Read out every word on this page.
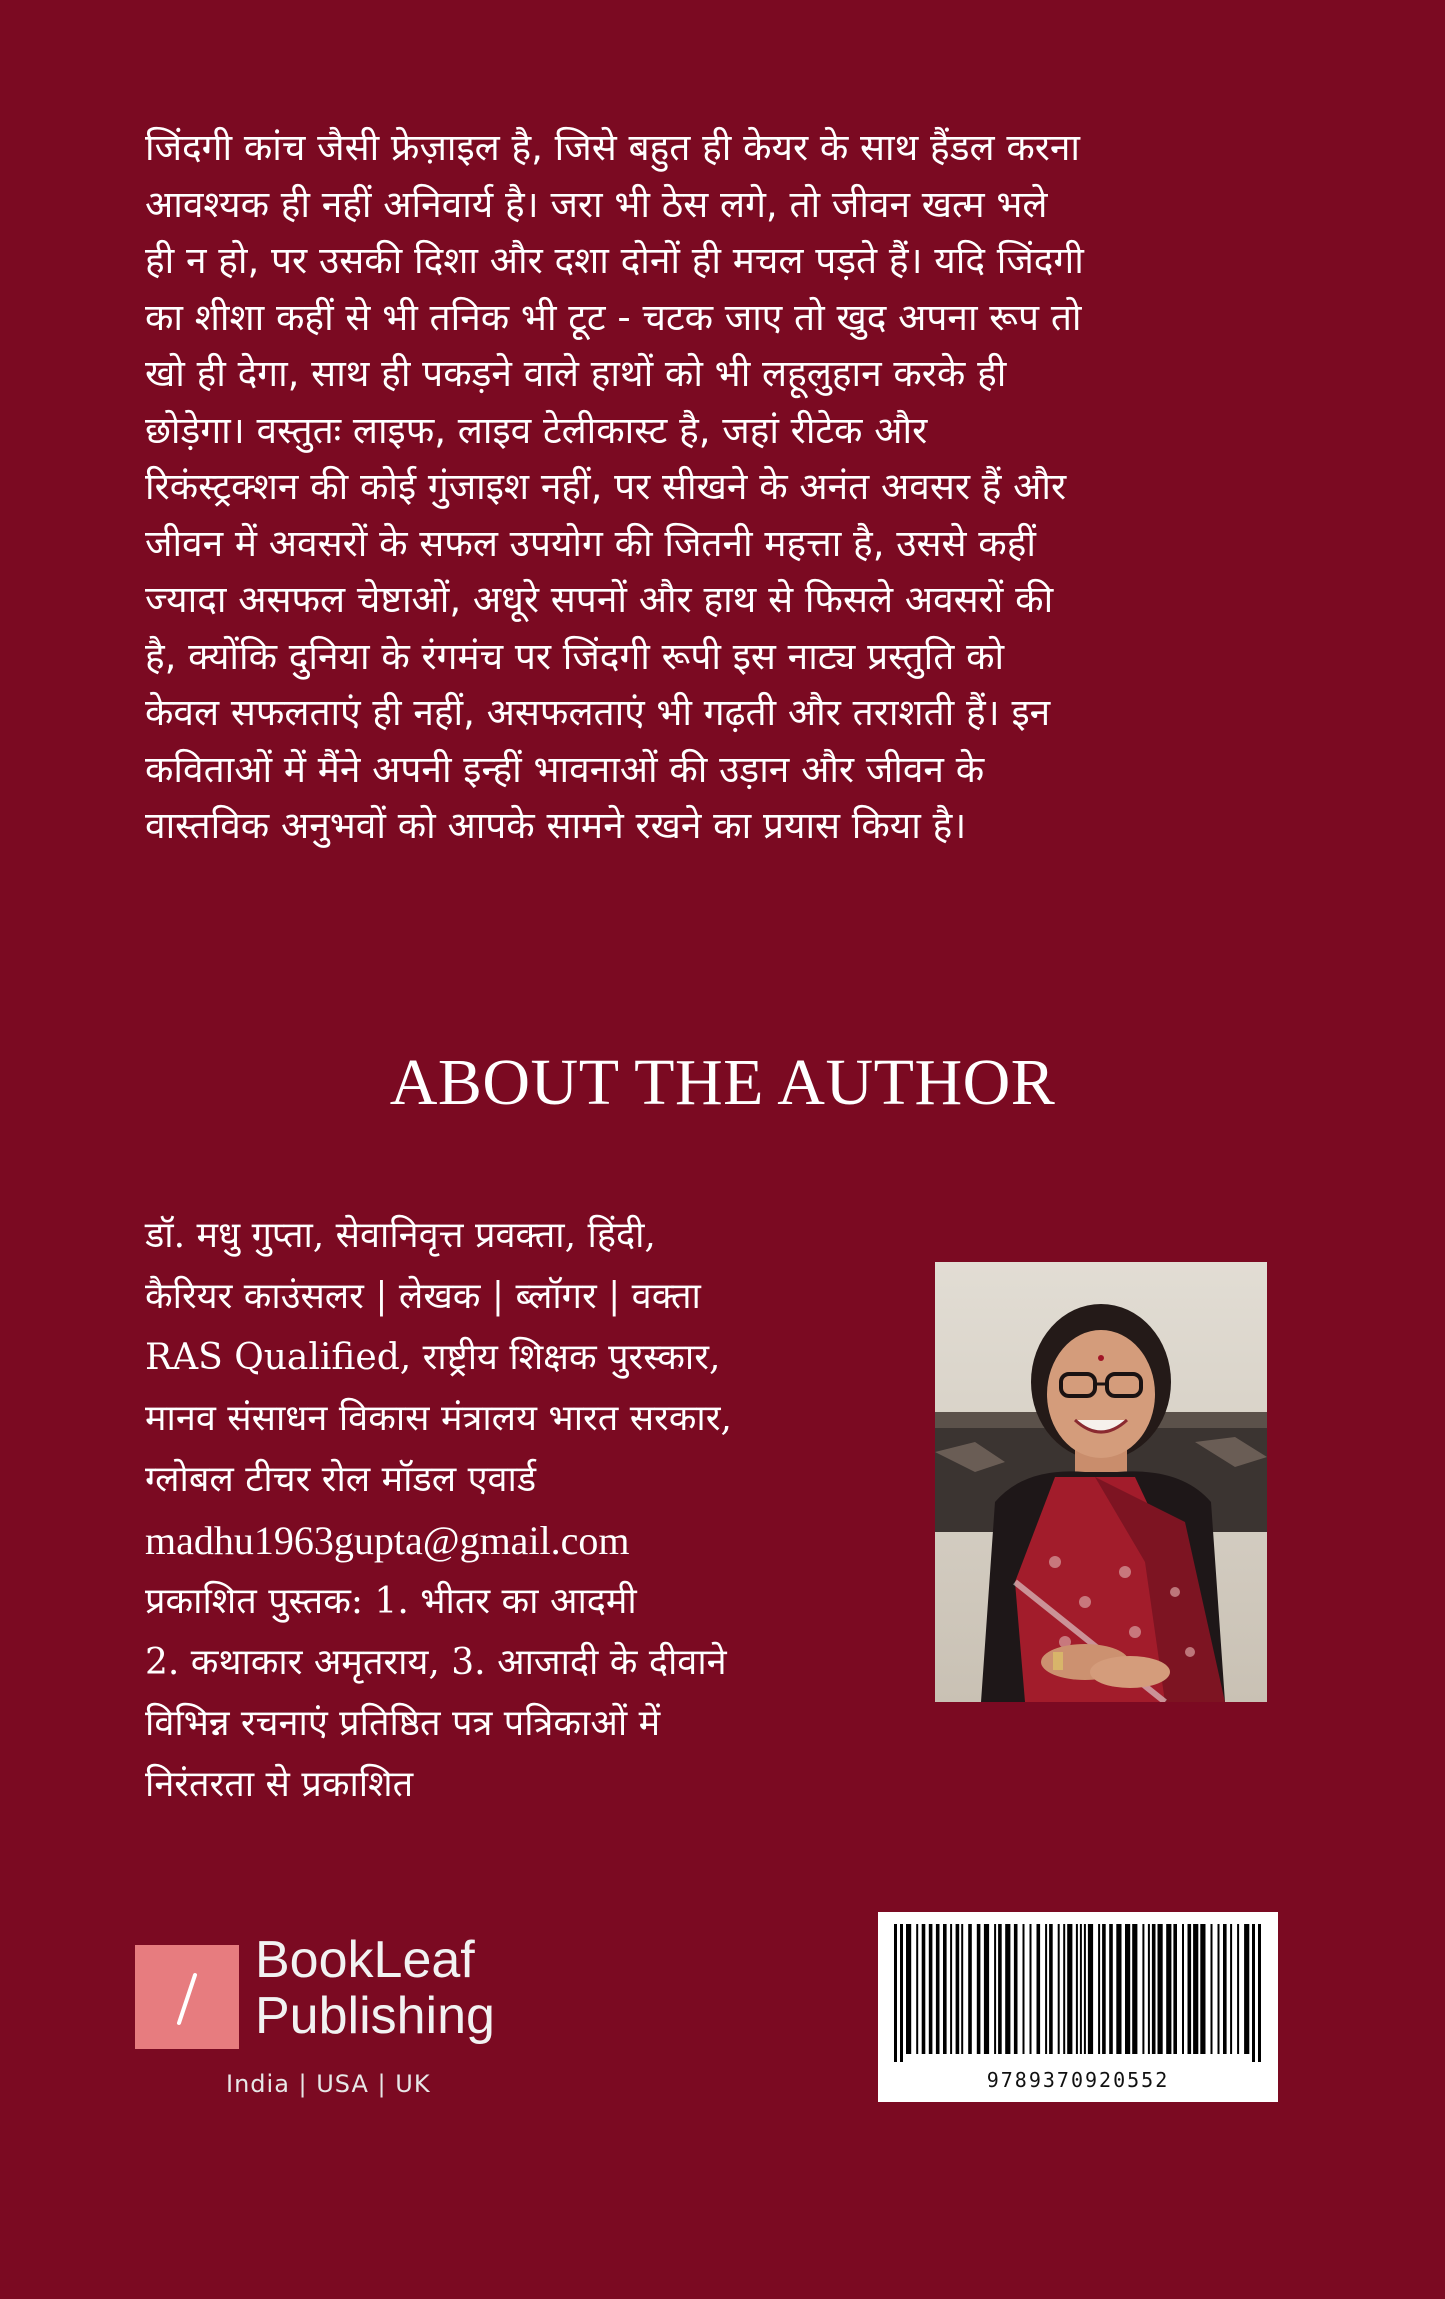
जिंदगी कांच जैसी फ्रेज़ाइल है, जिसे बहुत ही केयर के साथ हैंडल करना
आवश्यक ही नहीं अनिवार्य है। जरा भी ठेस लगे, तो जीवन खत्म भले
ही न हो, पर उसकी दिशा और दशा दोनों ही मचल पड़ते हैं। यदि जिंदगी
का शीशा कहीं से भी तनिक भी टूट - चटक जाए तो खुद अपना रूप तो
खो ही देगा, साथ ही पकड़ने वाले हाथों को भी लहूलुहान करके ही
छोड़ेगा। वस्तुतः लाइफ, लाइव टेलीकास्ट है, जहां रीटेक और
रिकंस्ट्रक्शन की कोई गुंजाइश नहीं, पर सीखने के अनंत अवसर हैं और
जीवन में अवसरों के सफल उपयोग की जितनी महत्ता है, उससे कहीं
ज्यादा असफल चेष्टाओं, अधूरे सपनों और हाथ से फिसले अवसरों की
है, क्योंकि दुनिया के रंगमंच पर जिंदगी रूपी इस नाट्य प्रस्तुति को
केवल सफलताएं ही नहीं, असफलताएं भी गढ़ती और तराशती हैं। इन
कविताओं में मैंने अपनी इन्हीं भावनाओं की उड़ान और जीवन के
वास्तविक अनुभवों को आपके सामने रखने का प्रयास किया है।
ABOUT THE AUTHOR
डॉ. मधु गुप्ता, सेवानिवृत्त प्रवक्ता, हिंदी,
कैरियर काउंसलर | लेखक | ब्लॉगर | वक्ता
RAS Qualified, राष्ट्रीय शिक्षक पुरस्कार,
मानव संसाधन विकास मंत्रालय भारत सरकार,
ग्लोबल टीचर रोल मॉडल एवार्ड
madhu1963gupta@gmail.com
प्रकाशित पुस्तक: 1. भीतर का आदमी
2. कथाकार अमृतराय, 3. आजादी के दीवाने
विभिन्न रचनाएं प्रतिष्ठित पत्र पत्रिकाओं में
निरंतरता से प्रकाशित
9789370920552
BookLeaf
Publishing
India | USA | UK
